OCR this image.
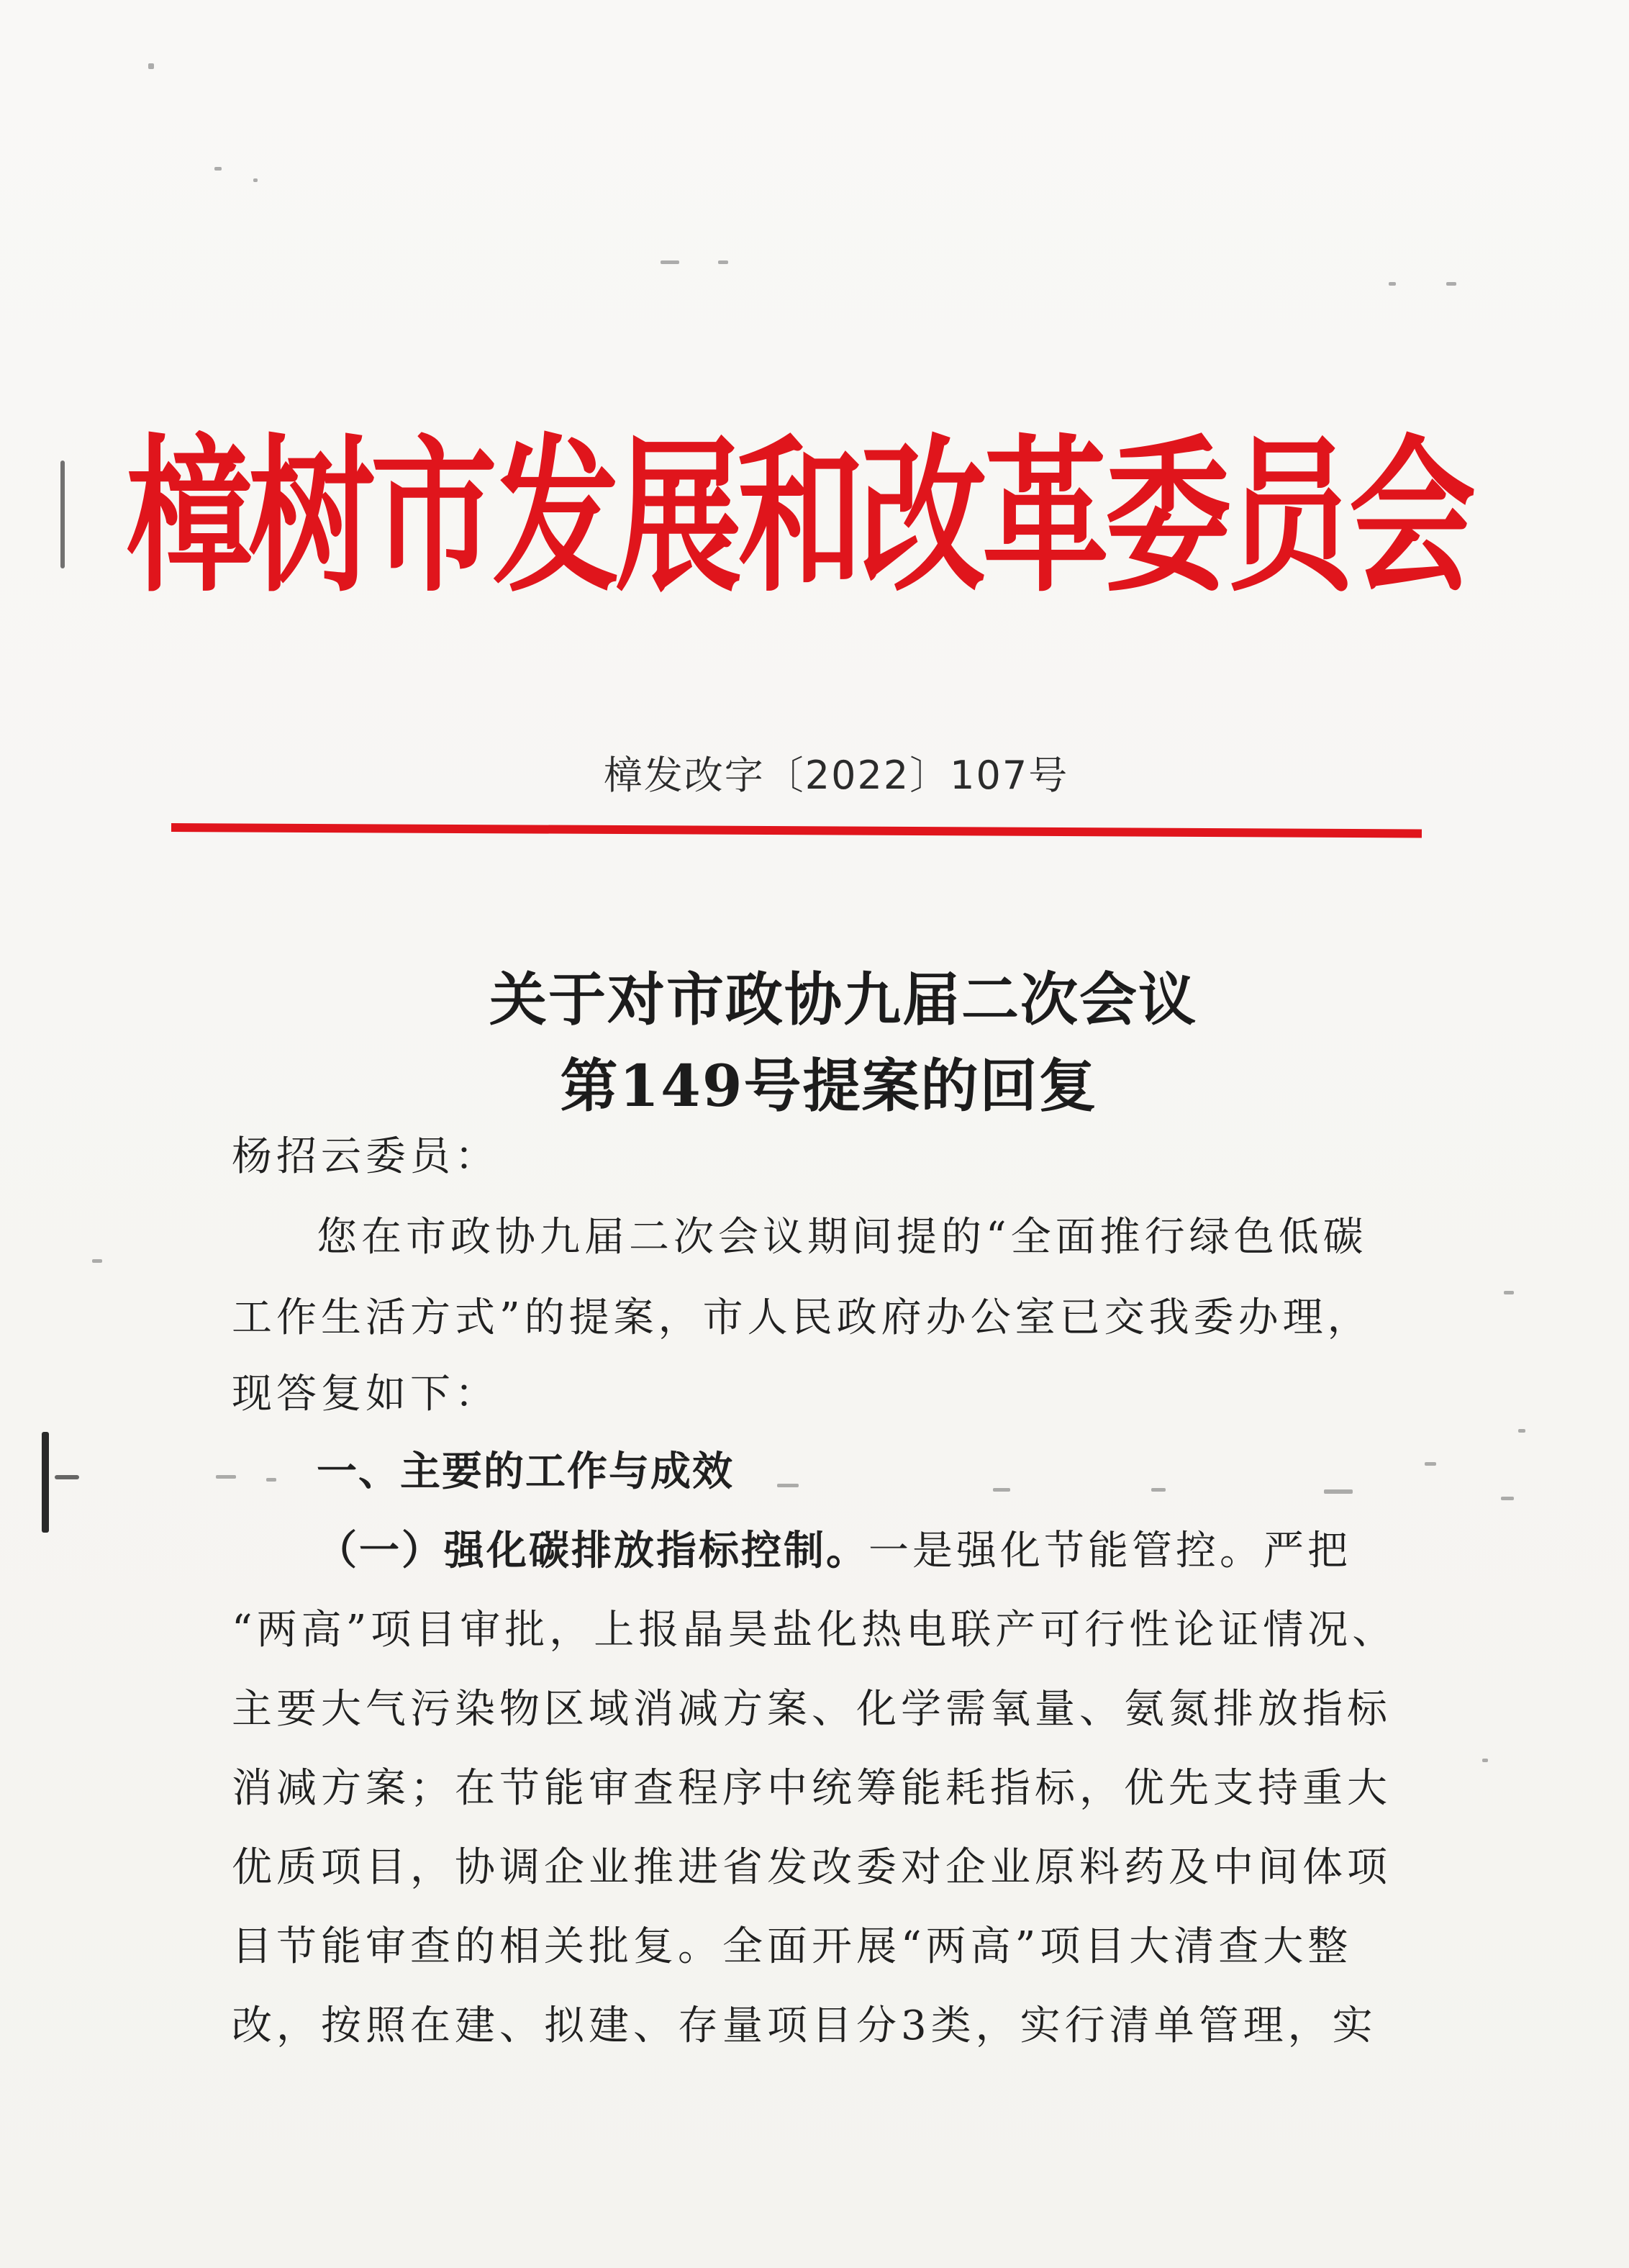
樟树市发展和改革委员会
樟发改字〔2022〕107号
关于对市政协九届二次会议
第149号提案的回复
杨招云委员：
您在市政协九届二次会议期间提的“全面推行绿色低碳
工作生活方式”的提案，市人民政府办公室已交我委办理，
现答复如下：
一、主要的工作与成效
（一）强化碳排放指标控制。一是强化节能管控。严把
“两高”项目审批，上报晶昊盐化热电联产可行性论证情况、
主要大气污染物区域消减方案、化学需氧量、氨氮排放指标
消减方案；在节能审查程序中统筹能耗指标，优先支持重大
优质项目，协调企业推进省发改委对企业原料药及中间体项
目节能审查的相关批复。全面开展“两高”项目大清查大整
改，按照在建、拟建、存量项目分3类，实行清单管理，实
